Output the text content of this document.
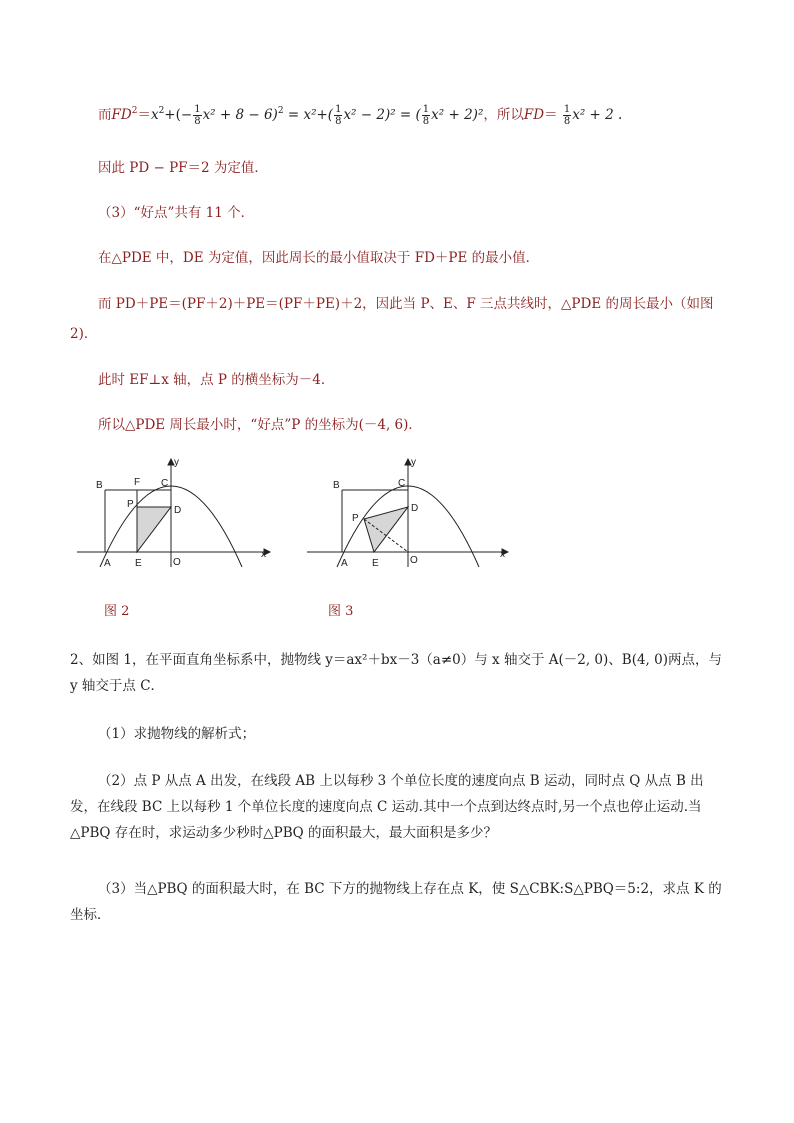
而$FD^2=x^2+(- \frac{1}{8} x^2 + 8 - 6)^2 = x^2+( \frac{1}{8} x^2 - 2)^2$ = ( $\frac{1}{8} x^2 + 2)^2$，所以$FD= \frac{1}{8} x^2 + 2$ .
因此 PD − PF＝2 为定值．
（3）“好点”共有 11 个．
在△PDE 中，DE 为定值，因此周长的最小值取决于 FD＋PE 的最小值．
而 PD＋PE＝(PF＋2)＋PE＝(PF＋PE)＋2，因此当 P、E、F 三点共线时，△PDE 的周长最小（如图
2)．
此时 EF⊥x 轴，点 P 的横坐标为－4．
所以△PDE 周长最小时，“好点”P 的坐标为(－4, 6)．
B	F C
y
P
D
A E	O
x
图 2
B	C
y
P
D
A E	O
x
图 3
2、如图 1，在平面直角坐标系中，抛物线 y＝ax²＋bx－3（a≠0）与 x 轴交于 A(－2, 0)、B(4, 0)两点，与 y 轴交于点 C．
（1）求抛物线的解析式；
（2）点 P 从点 A 出发，在线段 AB 上以每秒 3 个单位长度的速度向点 B 运动，同时点 Q 从点 B 出发，在线段 BC 上以每秒 1 个单位长度的速度向点 C 运动.其中一个点到达终点时,另一个点也停止运动.当△PBQ 存在时，求运动多少秒时△PBQ 的面积最大，最大面积是多少？
（3）当△PBQ 的面积最大时，在 BC 下方的抛物线上存在点 K，使 S△CBK:S△PBQ＝5:2，求点 K 的坐标．
